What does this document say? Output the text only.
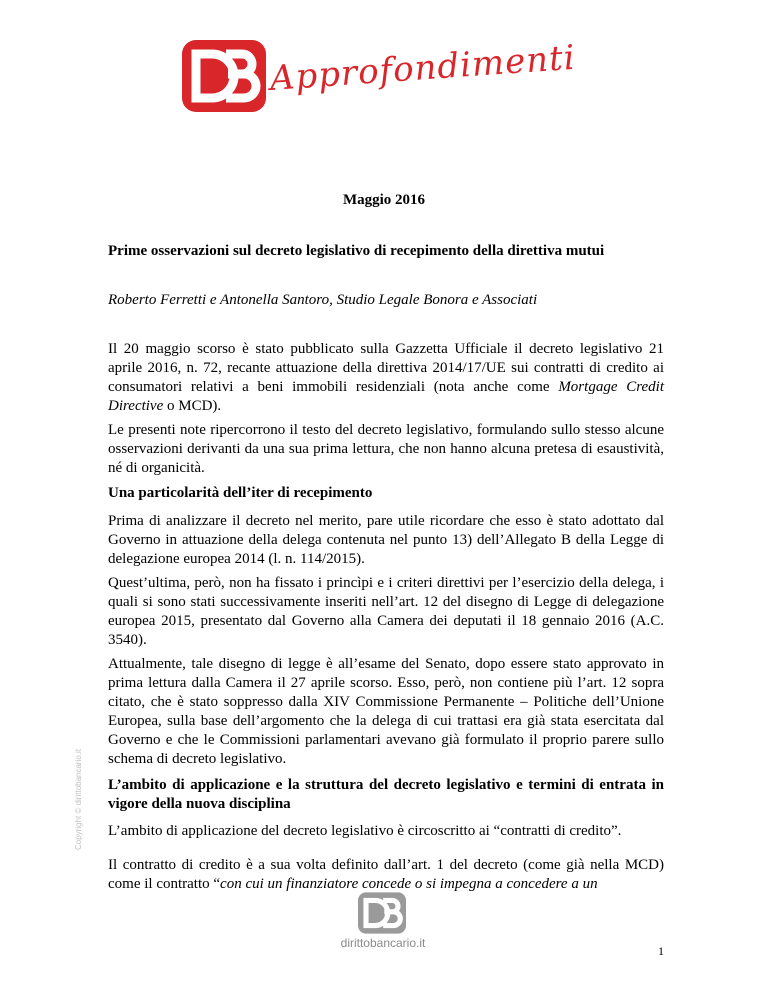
Approfondimenti
Maggio 2016
Prime osservazioni sul decreto legislativo di recepimento della direttiva mutui
Roberto Ferretti e Antonella Santoro, Studio Legale Bonora e Associati

Il 20 maggio scorso è stato pubblicato sulla Gazzetta Ufficiale il decreto legislativo 21 aprile 2016, n. 72, recante attuazione della direttiva 2014/17/UE sui contratti di credito ai consumatori relativi a beni immobili residenziali (nota anche come Mortgage Credit Directive o MCD).

Le presenti note ripercorrono il testo del decreto legislativo, formulando sullo stesso alcune osservazioni derivanti da una sua prima lettura, che non hanno alcuna pretesa di esaustività, né di organicità.

Una particolarità dell’iter di recepimento

Prima di analizzare il decreto nel merito, pare utile ricordare che esso è stato adottato dal Governo in attuazione della delega contenuta nel punto 13) dell’Allegato B della Legge di delegazione europea 2014 (l. n. 114/2015).

Quest’ultima, però, non ha fissato i princìpi e i criteri direttivi per l’esercizio della delega, i quali si sono stati successivamente inseriti nell’art. 12 del disegno di Legge di delegazione europea 2015, presentato dal Governo alla Camera dei deputati il 18 gennaio 2016 (A.C. 3540).

Attualmente, tale disegno di legge è all’esame del Senato, dopo essere stato approvato in prima lettura dalla Camera il 27 aprile scorso. Esso, però, non contiene più l’art. 12 sopra citato, che è stato soppresso dalla XIV Commissione Permanente – Politiche dell’Unione Europea, sulla base dell’argomento che la delega di cui trattasi era già stata esercitata dal Governo e che le Commissioni parlamentari avevano già formulato il proprio parere sullo schema di decreto legislativo.

L’ambito di applicazione e la struttura del decreto legislativo e termini di entrata in vigore della nuova disciplina

L’ambito di applicazione del decreto legislativo è circoscritto ai “contratti di credito”.

Il contratto di credito è a sua volta definito dall’art. 1 del decreto (come già nella MCD) come il contratto “con cui un finanziatore concede o si impegna a concedere a un

Copyright © dirittobancario.it
dirittobancario.it
1
